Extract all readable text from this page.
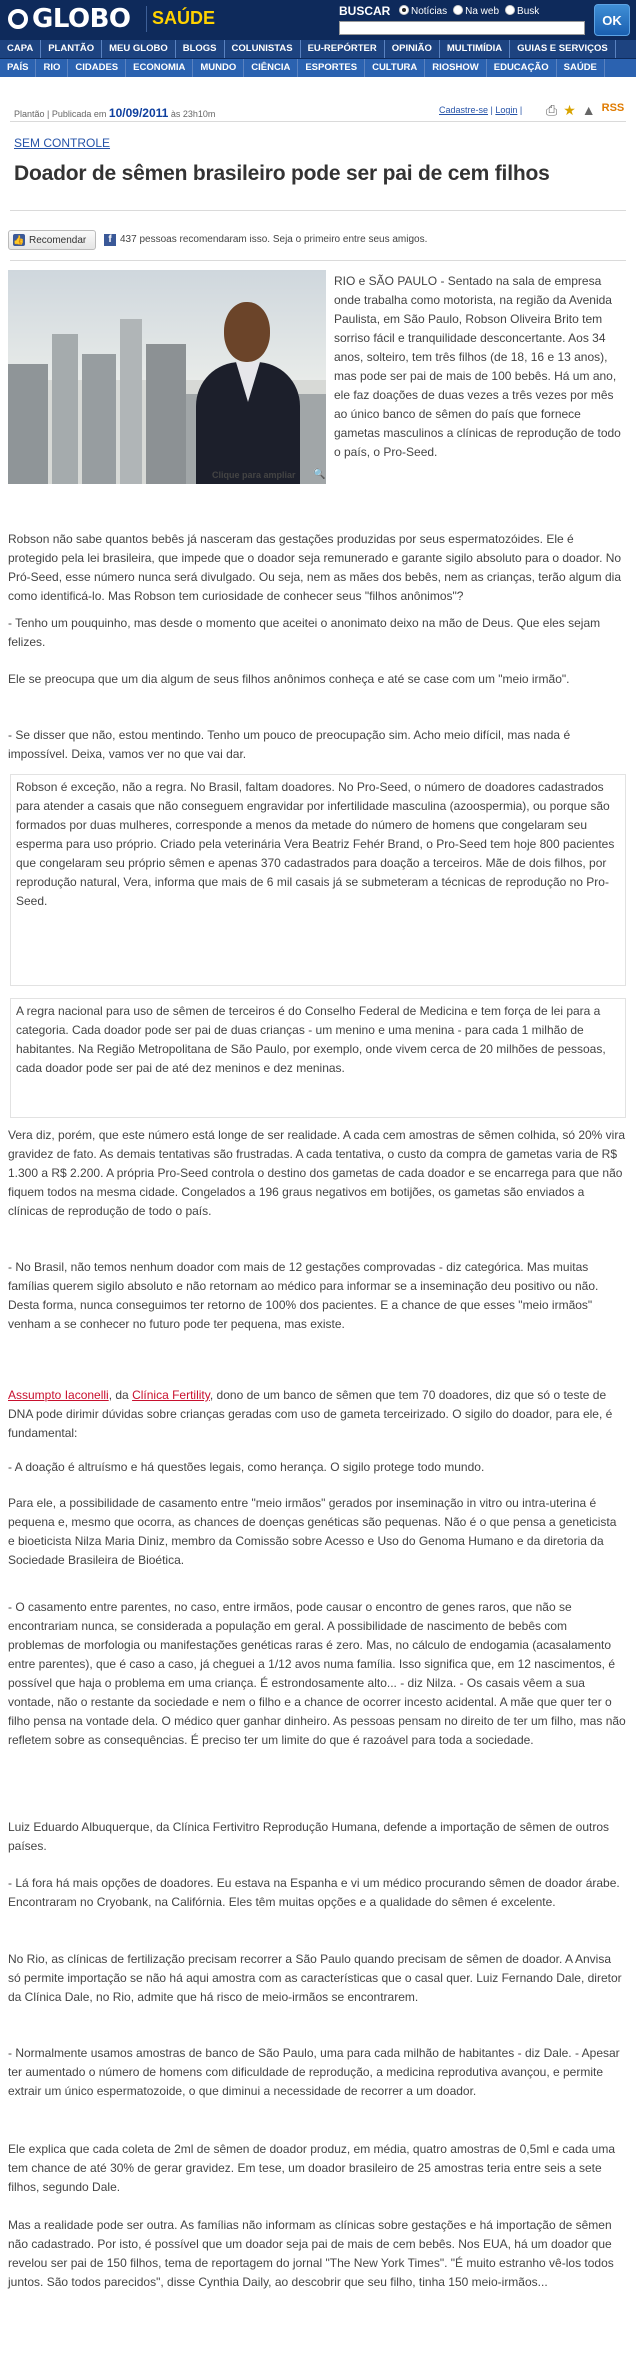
GLOBO SAÚDE	BUSCAR	Notícias	Na web	Busk
OK
CAPA	PLANTÃO	MEU GLOBO	BLOGS	COLUNISTAS	EU-REPÓRTER	OPINIÃO	MULTIMÍDIA	GUIAS E SERVIÇOS
PAÍS	RIO	CIDADES	ECONOMIA	MUNDO	CIÊNCIA	ESPORTES	CULTURA	RIOSHOW	EDUCAÇÃO	SAÚDE
Plantão | Publicada em 10/09/2011 às 23h10m	Cadastre-se | Login | ⎙ ★ ▲ RSS
SEM CONTROLE
Doador de sêmen brasileiro pode ser pai de cem filhos
👍 Recomendar	f 437 pessoas recomendaram isso. Seja o primeiro entre seus amigos.
Clique para ampliar 🔍

RIO e SÃO PAULO - Sentado na sala de empresa onde trabalha como motorista, na região da Avenida Paulista, em São Paulo, Robson Oliveira Brito tem sorriso fácil e tranquilidade desconcertante. Aos 34 anos, solteiro, tem três filhos (de 18, 16 e 13 anos), mas pode ser pai de mais de 100 bebês. Há um ano, ele faz doações de duas vezes a três vezes por mês ao único banco de sêmen do país que fornece gametas masculinos a clínicas de reprodução de todo o país, o Pro-Seed.

Robson não sabe quantos bebês já nasceram das gestações produzidas por seus espermatozóides. Ele é protegido pela lei brasileira, que impede que o doador seja remunerado e garante sigilo absoluto para o doador. No Pró-Seed, esse número nunca será divulgado. Ou seja, nem as mães dos bebês, nem as crianças, terão algum dia como identificá-lo. Mas Robson tem curiosidade de conhecer seus "filhos anônimos"?

- Tenho um pouquinho, mas desde o momento que aceitei o anonimato deixo na mão de Deus. Que eles sejam felizes.

Ele se preocupa que um dia algum de seus filhos anônimos conheça e até se case com um "meio irmão".

- Se disser que não, estou mentindo. Tenho um pouco de preocupação sim. Acho meio difícil, mas nada é impossível. Deixa, vamos ver no que vai dar.

Robson é exceção, não a regra. No Brasil, faltam doadores. No Pro-Seed, o número de doadores cadastrados para atender a casais que não conseguem engravidar por infertilidade masculina (azoospermia), ou porque são formados por duas mulheres, corresponde a menos da metade do número de homens que congelaram seu esperma para uso próprio. Criado pela veterinária Vera Beatriz Fehér Brand, o Pro-Seed tem hoje 800 pacientes que congelaram seu próprio sêmen e apenas 370 cadastrados para doação a terceiros. Mãe de dois filhos, por reprodução natural, Vera, informa que mais de 6 mil casais já se submeteram a técnicas de reprodução no Pro-Seed.

A regra nacional para uso de sêmen de terceiros é do Conselho Federal de Medicina e tem força de lei para a categoria. Cada doador pode ser pai de duas crianças - um menino e uma menina - para cada 1 milhão de habitantes. Na Região Metropolitana de São Paulo, por exemplo, onde vivem cerca de 20 milhões de pessoas, cada doador pode ser pai de até dez meninos e dez meninas.

Vera diz, porém, que este número está longe de ser realidade. A cada cem amostras de sêmen colhida, só 20% vira gravidez de fato. As demais tentativas são frustradas. A cada tentativa, o custo da compra de gametas varia de R$ 1.300 a R$ 2.200. A própria Pro-Seed controla o destino dos gametas de cada doador e se encarrega para que não fiquem todos na mesma cidade. Congelados a 196 graus negativos em botijões, os gametas são enviados a clínicas de reprodução de todo o país.

- No Brasil, não temos nenhum doador com mais de 12 gestações comprovadas - diz categórica. Mas muitas famílias querem sigilo absoluto e não retornam ao médico para informar se a inseminação deu positivo ou não. Desta forma, nunca conseguimos ter retorno de 100% dos pacientes. E a chance de que esses "meio irmãos" venham a se conhecer no futuro pode ter pequena, mas existe.

Assumpto Iaconelli, da Clínica Fertility, dono de um banco de sêmen que tem 70 doadores, diz que só o teste de DNA pode dirimir dúvidas sobre crianças geradas com uso de gameta terceirizado. O sigilo do doador, para ele, é fundamental:

- A doação é altruísmo e há questões legais, como herança. O sigilo protege todo mundo.

Para ele, a possibilidade de casamento entre "meio irmãos" gerados por inseminação in vitro ou intra-uterina é pequena e, mesmo que ocorra, as chances de doenças genéticas são pequenas. Não é o que pensa a geneticista e bioeticista Nilza Maria Diniz, membro da Comissão sobre Acesso e Uso do Genoma Humano e da diretoria da Sociedade Brasileira de Bioética.

- O casamento entre parentes, no caso, entre irmãos, pode causar o encontro de genes raros, que não se encontrariam nunca, se considerada a população em geral. A possibilidade de nascimento de bebês com problemas de morfologia ou manifestações genéticas raras é zero. Mas, no cálculo de endogamia (acasalamento entre parentes), que é caso a caso, já cheguei a 1/12 avos numa família. Isso significa que, em 12 nascimentos, é possível que haja o problema em uma criança. É estrondosamente alto... - diz Nilza. - Os casais vêem a sua vontade, não o restante da sociedade e nem o filho e a chance de ocorrer incesto acidental. A mãe que quer ter o filho pensa na vontade dela. O médico quer ganhar dinheiro. As pessoas pensam no direito de ter um filho, mas não refletem sobre as consequências. É preciso ter um limite do que é razoável para toda a sociedade.

Luiz Eduardo Albuquerque, da Clínica Fertivitro Reprodução Humana, defende a importação de sêmen de outros países.

- Lá fora há mais opções de doadores. Eu estava na Espanha e vi um médico procurando sêmen de doador árabe. Encontraram no Cryobank, na Califórnia. Eles têm muitas opções e a qualidade do sêmen é excelente.

No Rio, as clínicas de fertilização precisam recorrer a São Paulo quando precisam de sêmen de doador. A Anvisa só permite importação se não há aqui amostra com as características que o casal quer. Luiz Fernando Dale, diretor da Clínica Dale, no Rio, admite que há risco de meio-irmãos se encontrarem.

- Normalmente usamos amostras de banco de São Paulo, uma para cada milhão de habitantes - diz Dale. - Apesar ter aumentado o número de homens com dificuldade de reprodução, a medicina reprodutiva avançou, e permite extrair um único espermatozoide, o que diminui a necessidade de recorrer a um doador.

Ele explica que cada coleta de 2ml de sêmen de doador produz, em média, quatro amostras de 0,5ml e cada uma tem chance de até 30% de gerar gravidez. Em tese, um doador brasileiro de 25 amostras teria entre seis a sete filhos, segundo Dale.

Mas a realidade pode ser outra. As famílias não informam as clínicas sobre gestações e há importação de sêmen não cadastrado. Por isto, é possível que um doador seja pai de mais de cem bebês. Nos EUA, há um doador que revelou ser pai de 150 filhos, tema de reportagem do jornal "The New York Times". "É muito estranho vê-los todos juntos. São todos parecidos", disse Cynthia Daily, ao descobrir que seu filho, tinha 150 meio-irmãos...
